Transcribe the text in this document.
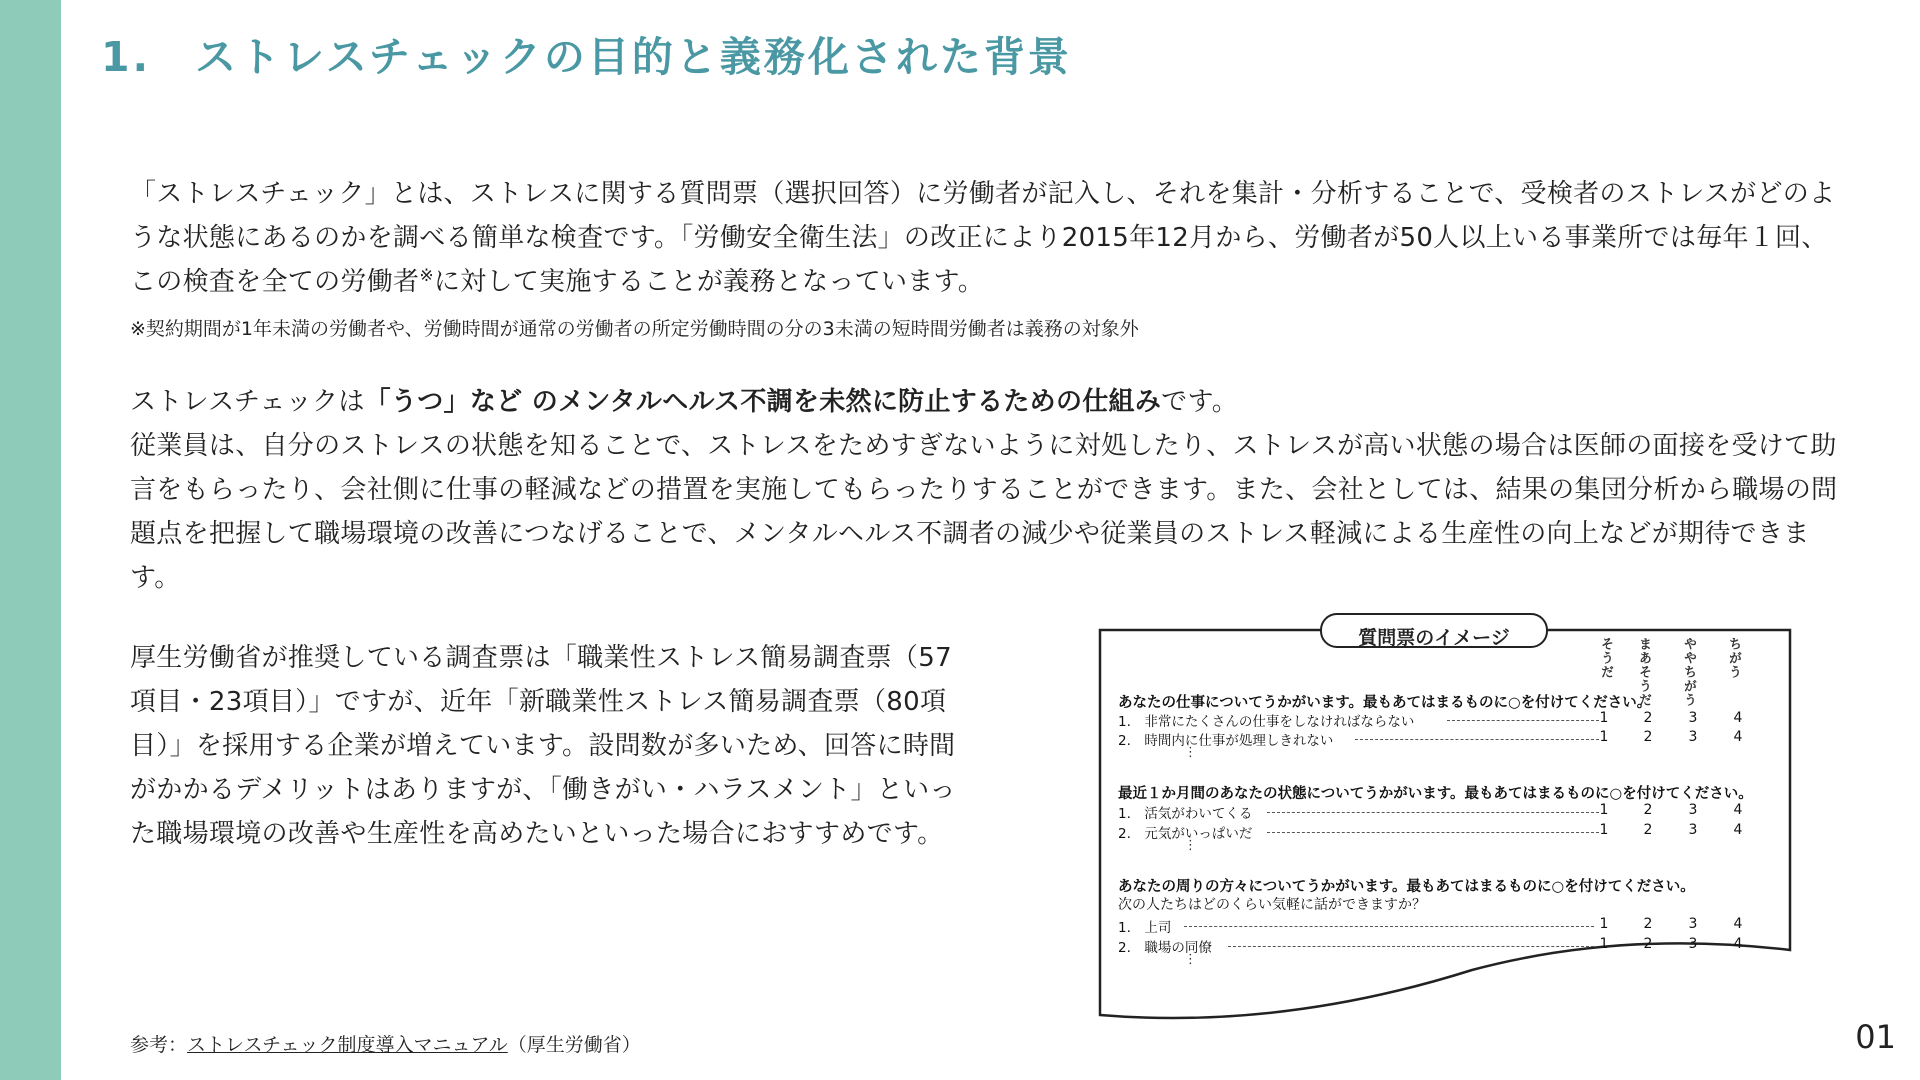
1.　ストレスチェックの目的と義務化された背景

「ストレスチェック」とは、ストレスに関する質問票（選択回答）に労働者が記入し、それを集計・分析することで、受検者のストレスがどのような状態にあるのかを調べる簡単な検査です。「労働安全衛生法」の改正により2015年12月から、労働者が50人以上いる事業所では毎年１回、この検査を全ての労働者※に対して実施することが義務となっています。

※契約期間が1年未満の労働者や、労働時間が通常の労働者の所定労働時間の分の3未満の短時間労働者は義務の対象外

ストレスチェックは「うつ」など のメンタルヘルス不調を未然に防止するための仕組みです。
従業員は、自分のストレスの状態を知ることで、ストレスをためすぎないように対処したり、ストレスが高い状態の場合は医師の面接を受けて助言をもらったり、会社側に仕事の軽減などの措置を実施してもらったりすることができます。また、会社としては、結果の集団分析から職場の問題点を把握して職場環境の改善につなげることで、メンタルヘルス不調者の減少や従業員のストレス軽減による生産性の向上などが期待できます。

厚生労働省が推奨している調査票は「職業性ストレス簡易調査票（57項目・23項目）」ですが、近年「新職業性ストレス簡易調査票（80項目）」を採用する企業が増えています。設問数が多いため、回答に時間がかかるデメリットはありますが、「働きがい・ハラスメント」といった職場環境の改善や生産性を高めたいといった場合におすすめです。

質問票のイメージ	そうだ まあそうだ ややちがう ちがう
あなたの仕事についてうかがいます。最もあてはまるものに○を付けてください。
1.　 非常にたくさんの仕事をしなければならない	1	2	3	4
2.　 時間内に仕事が処理しきれない	1	2	3	4
⋮
最近１か月間のあなたの状態についてうかがいます。最もあてはまるものに○を付けてください。
1.　 活気がわいてくる	1	2	3	4
2.　 元気がいっぱいだ	1	2	3	4
⋮
あなたの周りの方々についてうかがいます。最もあてはまるものに○を付けてください。
次の人たちはどのくらい気軽に話ができますか？
1.　 上司	1	2	3	4
2.　 職場の同僚	1	2	3	4
⋮
参考：ストレスチェック制度導入マニュアル（厚生労働省）	01
